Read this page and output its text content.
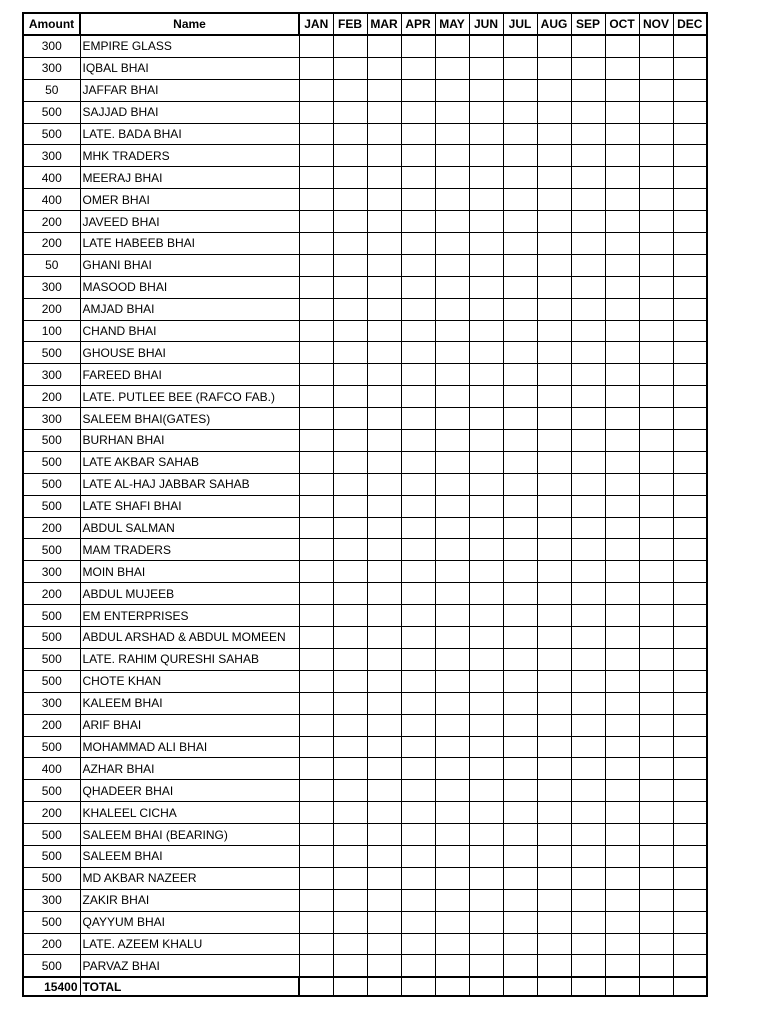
Amount	Name	JAN	FEB	MAR	APR	MAY	JUN	JUL	AUG	SEP	OCT	NOV	DEC
300	EMPIRE GLASS												
300	IQBAL BHAI												
50	JAFFAR BHAI												
500	SAJJAD BHAI												
500	LATE. BADA BHAI												
300	MHK TRADERS												
400	MEERAJ BHAI												
400	OMER BHAI												
200	JAVEED BHAI												
200	LATE HABEEB BHAI												
50	GHANI BHAI												
300	MASOOD BHAI												
200	AMJAD BHAI												
100	CHAND BHAI												
500	GHOUSE BHAI												
300	FAREED BHAI												
200	LATE. PUTLEE BEE (RAFCO FAB.)												
300	SALEEM BHAI(GATES)												
500	BURHAN BHAI												
500	LATE AKBAR SAHAB												
500	LATE AL-HAJ JABBAR SAHAB												
500	LATE SHAFI BHAI												
200	ABDUL SALMAN												
500	MAM TRADERS												
300	MOIN BHAI												
200	ABDUL MUJEEB												
500	EM ENTERPRISES												
500	ABDUL ARSHAD & ABDUL MOMEEN												
500	LATE. RAHIM QURESHI SAHAB												
500	CHOTE KHAN												
300	KALEEM BHAI												
200	ARIF BHAI												
500	MOHAMMAD ALI BHAI												
400	AZHAR BHAI												
500	QHADEER BHAI												
200	KHALEEL CICHA												
500	SALEEM BHAI (BEARING)												
500	SALEEM BHAI												
500	MD AKBAR NAZEER												
300	ZAKIR BHAI												
500	QAYYUM BHAI												
200	LATE. AZEEM KHALU												
500	PARVAZ BHAI												
15400	TOTAL												
